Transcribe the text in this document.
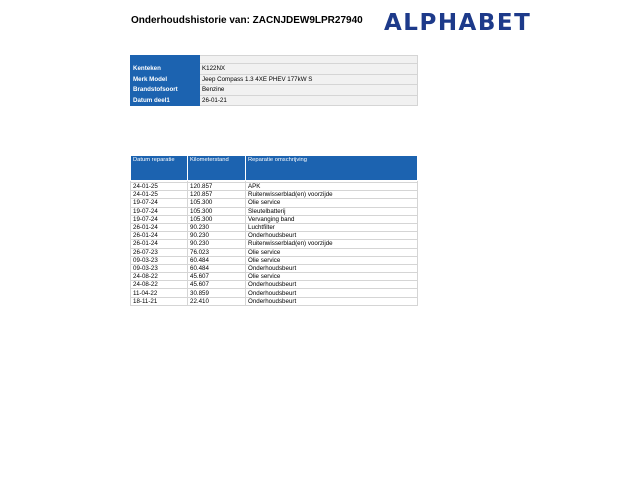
Onderhoudshistorie van: ZACNJDEW9LPR27940 ALPHABET

Kenteken	K122NX
Merk Model	Jeep Compass 1.3 4XE PHEV 177kW S
Brandstofsoort	Benzine
Datum deel1	26-01-21
Datum reparatie	Kilometerstand	Reparatie omschrijving

24-01-25	120.857	APK
24-01-25	120.857	Ruitenwisserblad(en) voorzijde
19-07-24	105.300	Olie service
19-07-24	105.300	Sleutelbatterij
19-07-24	105.300	Vervanging band
26-01-24	90.230	Luchtfilter
26-01-24	90.230	Onderhoudsbeurt
26-01-24	90.230	Ruitenwisserblad(en) voorzijde
26-07-23	76.023	Olie service
09-03-23	60.484	Olie service
09-03-23	60.484	Onderhoudsbeurt
24-08-22	45.607	Olie service
24-08-22	45.607	Onderhoudsbeurt
11-04-22	30.859	Onderhoudsbeurt
18-11-21	22.410	Onderhoudsbeurt
